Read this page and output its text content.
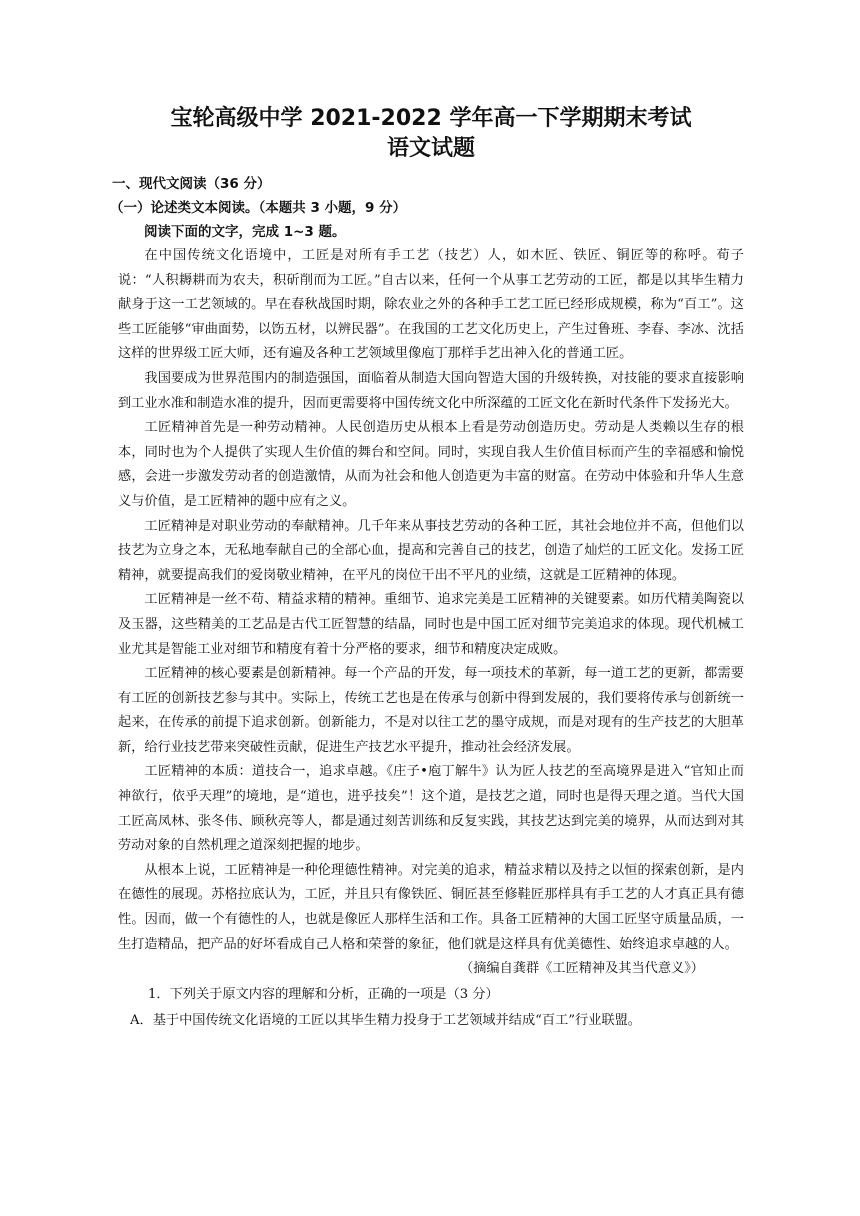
宝轮高级中学 2021-2022 学年高一下学期期末考试
语文试题

一、现代文阅读（36 分）

（一）论述类文本阅读。（本题共 3 小题，9 分）

阅读下面的文字，完成 1~3 题。

在中国传统文化语境中，工匠是对所有手工艺（技艺）人，如木匠、铁匠、铜匠等的称呼。荀子说：“人积耨耕而为农夫，积斫削而为工匠。”自古以来，任何一个从事工艺劳动的工匠，都是以其毕生精力献身于这一工艺领域的。早在春秋战国时期，除农业之外的各种手工艺工匠已经形成规模，称为“百工”。这些工匠能够“审曲面势，以饬五材，以辨民器”。在我国的工艺文化历史上，产生过鲁班、李春、李冰、沈括这样的世界级工匠大师，还有遍及各种工艺领域里像庖丁那样手艺出神入化的普通工匠。

我国要成为世界范围内的制造强国，面临着从制造大国向智造大国的升级转换，对技能的要求直接影响到工业水准和制造水准的提升，因而更需要将中国传统文化中所深蕴的工匠文化在新时代条件下发扬光大。

工匠精神首先是一种劳动精神。人民创造历史从根本上看是劳动创造历史。劳动是人类赖以生存的根本，同时也为个人提供了实现人生价值的舞台和空间。同时，实现自我人生价值目标而产生的幸福感和愉悦感，会进一步激发劳动者的创造激情，从而为社会和他人创造更为丰富的财富。在劳动中体验和升华人生意义与价值，是工匠精神的题中应有之义。

工匠精神是对职业劳动的奉献精神。几千年来从事技艺劳动的各种工匠，其社会地位并不高，但他们以技艺为立身之本，无私地奉献自己的全部心血，提高和完善自己的技艺，创造了灿烂的工匠文化。发扬工匠精神，就要提高我们的爱岗敬业精神，在平凡的岗位干出不平凡的业绩，这就是工匠精神的体现。

工匠精神是一丝不苟、精益求精的精神。重细节、追求完美是工匠精神的关键要素。如历代精美陶瓷以及玉器，这些精美的工艺品是古代工匠智慧的结晶，同时也是中国工匠对细节完美追求的体现。现代机械工业尤其是智能工业对细节和精度有着十分严格的要求，细节和精度决定成败。

工匠精神的核心要素是创新精神。每一个产品的开发，每一项技术的革新，每一道工艺的更新，都需要有工匠的创新技艺参与其中。实际上，传统工艺也是在传承与创新中得到发展的，我们要将传承与创新统一起来，在传承的前提下追求创新。创新能力，不是对以往工艺的墨守成规，而是对现有的生产技艺的大胆革新，给行业技艺带来突破性贡献，促进生产技艺水平提升，推动社会经济发展。

工匠精神的本质：道技合一，追求卓越。《庄子•庖丁解牛》认为匠人技艺的至高境界是进入“官知止而神欲行，依乎天理”的境地，是“道也，进乎技矣”！这个道，是技艺之道，同时也是得天理之道。当代大国工匠高凤林、张冬伟、顾秋亮等人，都是通过刻苦训练和反复实践，其技艺达到完美的境界，从而达到对其劳动对象的自然机理之道深刻把握的地步。

从根本上说，工匠精神是一种伦理德性精神。对完美的追求，精益求精以及持之以恒的探索创新，是内在德性的展现。苏格拉底认为，工匠，并且只有像铁匠、铜匠甚至修鞋匠那样具有手工艺的人才真正具有德性。因而，做一个有德性的人，也就是像匠人那样生活和工作。具备工匠精神的大国工匠坚守质量品质，一生打造精品，把产品的好坏看成自己人格和荣誉的象征，他们就是这样具有优美德性、始终追求卓越的人。

（摘编自龚群《工匠精神及其当代意义》）

1．下列关于原文内容的理解和分析，正确的一项是（3 分）

A．基于中国传统文化语境的工匠以其毕生精力投身于工艺领域并结成“百工”行业联盟。
